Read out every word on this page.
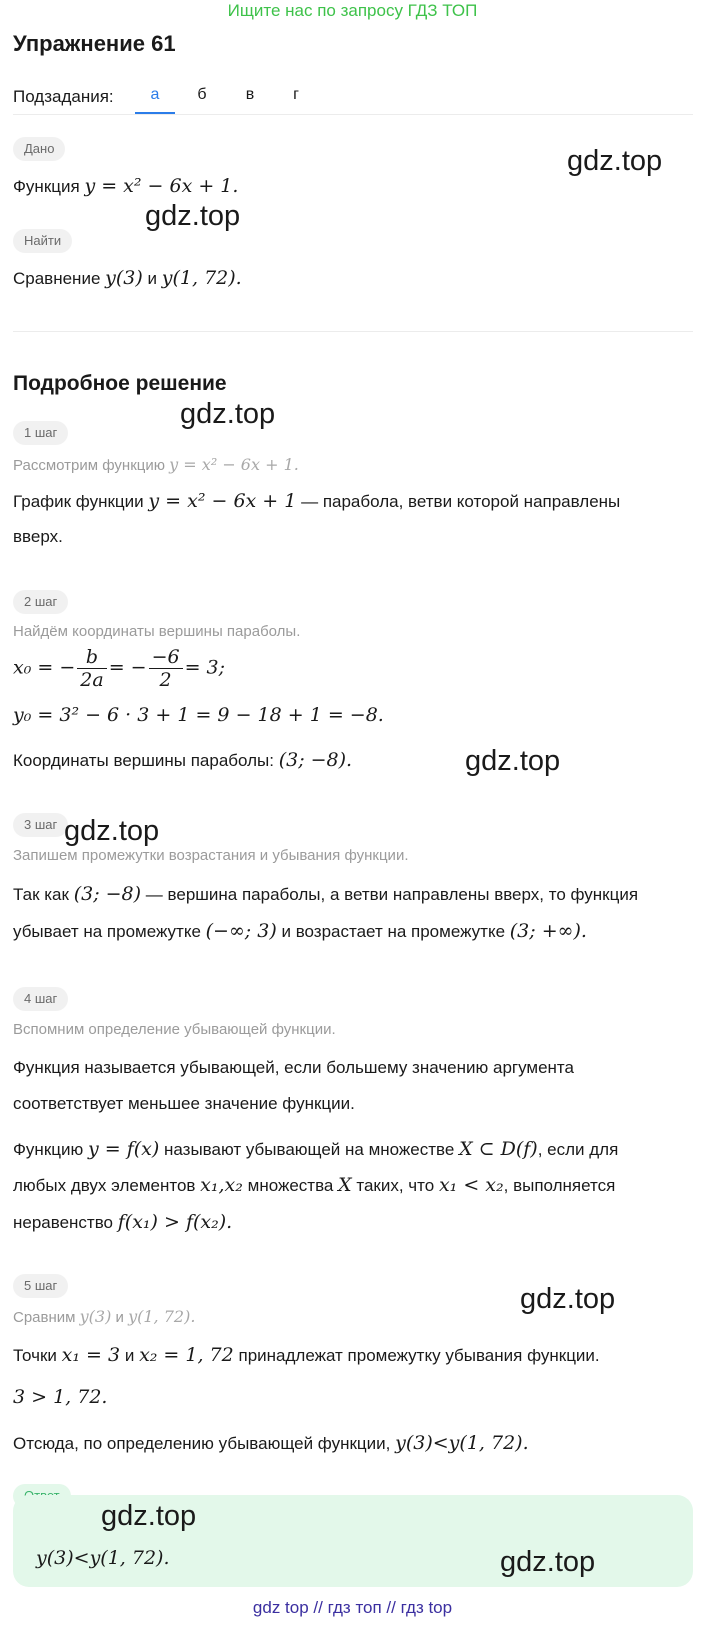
Ищите нас по запросу ГДЗ ТОП
Упражнение 61
Подзадания:	а	б	в	г
Дано
Функция y = x² − 6x + 1.
Найти
Сравнение y(3) и y(1, 72).
Подробное решение
1 шаг
Рассмотрим функцию y = x² − 6x + 1.
График функции y = x² − 6x + 1 — парабола, ветви которой направлены
вверх.
2 шаг
Найдём координаты вершины параболы.
x₀ = − $\frac{b}{2a}$ = − $\frac{-6}{2} = 3$;
y₀ = 3² − 6 · 3 + 1 = 9 − 18 + 1 = −8.
Координаты вершины параболы: (3; −8).
3 шаг
Запишем промежутки возрастания и убывания функции.
Так как (3; −8) — вершина параболы, а ветви направлены вверх, то функция
убывает на промежутке (−∞; 3) и возрастает на промежутке (3; +∞).
4 шаг
Вспомним определение убывающей функции.
Функция называется убывающей, если большему значению аргумента
соответствует меньшее значение функции.
Функцию y = f(x) называют убывающей на множестве X ⊂ D(f), если для
любых двух элементов x₁,x₂ множества X таких, что x₁ < x₂, выполняется
неравенство f(x₁) > f(x₂).
5 шаг
Сравним y(3) и y(1, 72).
Точки x₁ = 3 и x₂ = 1, 72 принадлежат промежутку убывания функции.
3 > 1, 72.
Отсюда, по определению убывающей функции, y(3)<y(1, 72).
y(3)<y(1, 72).
gdz.top
gdz.top
gdz.top
gdz.top
gdz.top
gdz.top
gdz.top
gdz.top
gdz top // гдз топ // гдз top
